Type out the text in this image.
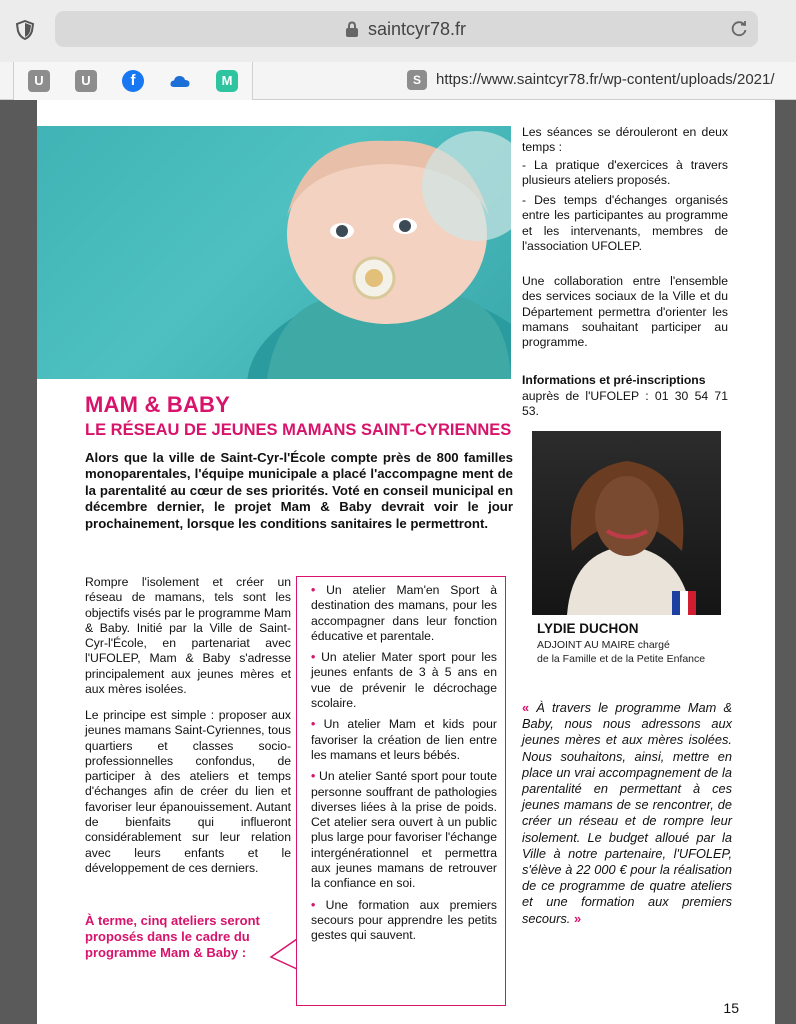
saintcyr78.fr
U	U	f	M	S	https://www.saintcyr78.fr/wp-content/uploads/2021/
Les séances se dérouleront en deux temps :
- La pratique d'exercices à travers plusieurs ateliers proposés.
- Des temps d'échanges organisés entre les participantes au programme et les intervenants, membres de l'association UFOLEP.
Une collaboration entre l'ensemble des services sociaux de la Ville et du Département permettra d'orienter les mamans souhaitant participer au programme.
Informations et pré-inscriptions
auprès de l'UFOLEP : 01 30 54 71 53.
MAM & BABY
LE RÉSEAU DE JEUNES MAMANS SAINT-CYRIENNES
Alors que la ville de Saint-Cyr-l'École compte près de 800 familles monoparentales, l'équipe municipale a placé l'accompagne ment de la parentalité au cœur de ses priorités. Voté en conseil municipal en décembre dernier, le projet Mam & Baby devrait voir le jour prochainement, lorsque les conditions sanitaires le permettront.
Rompre l'isolement et créer un réseau de mamans, tels sont les objectifs visés par le programme Mam & Baby. Initié par la Ville de Saint-Cyr-l'École, en partenariat avec l'UFOLEP, Mam & Baby s'adresse principalement aux jeunes mères et aux mères isolées.
Le principe est simple : proposer aux jeunes mamans Saint-Cyriennes, tous quartiers et classes socio-professionnelles confondus, de participer à des ateliers et temps d'échanges afin de créer du lien et favoriser leur épanouissement. Autant de bienfaits qui influeront considérablement sur leur relation avec leurs enfants et le développement de ces derniers.
À terme, cinq ateliers seront proposés dans le cadre du programme Mam & Baby :

• Un atelier Mam'en Sport à destination des mamans, pour les accompagner dans leur fonction éducative et parentale.

• Un atelier Mater sport pour les jeunes enfants de 3 à 5 ans en vue de prévenir le décrochage scolaire.

• Un atelier Mam et kids pour favoriser la création de lien entre les mamans et leurs bébés.

• Un atelier Santé sport pour toute personne souffrant de pathologies diverses liées à la prise de poids. Cet atelier sera ouvert à un public plus large pour favoriser l'échange intergénérationnel et permettra aux jeunes mamans de retrouver la confiance en soi.

• Une formation aux premiers secours pour apprendre les petits gestes qui sauvent.

LYDIE DUCHON
ADJOINT AU MAIRE chargé
de la Famille et de la Petite Enfance
« À travers le programme Mam & Baby, nous nous adressons aux jeunes mères et aux mères isolées. Nous souhaitons, ainsi, mettre en place un vrai accompagnement de la parentalité en permettant à ces jeunes mamans de se rencontrer, de créer un réseau et de rompre leur isolement. Le budget alloué par la Ville à notre partenaire, l'UFOLEP, s'élève à 22 000 € pour la réalisation de ce programme de quatre ateliers et une formation aux premiers secours. »
15
